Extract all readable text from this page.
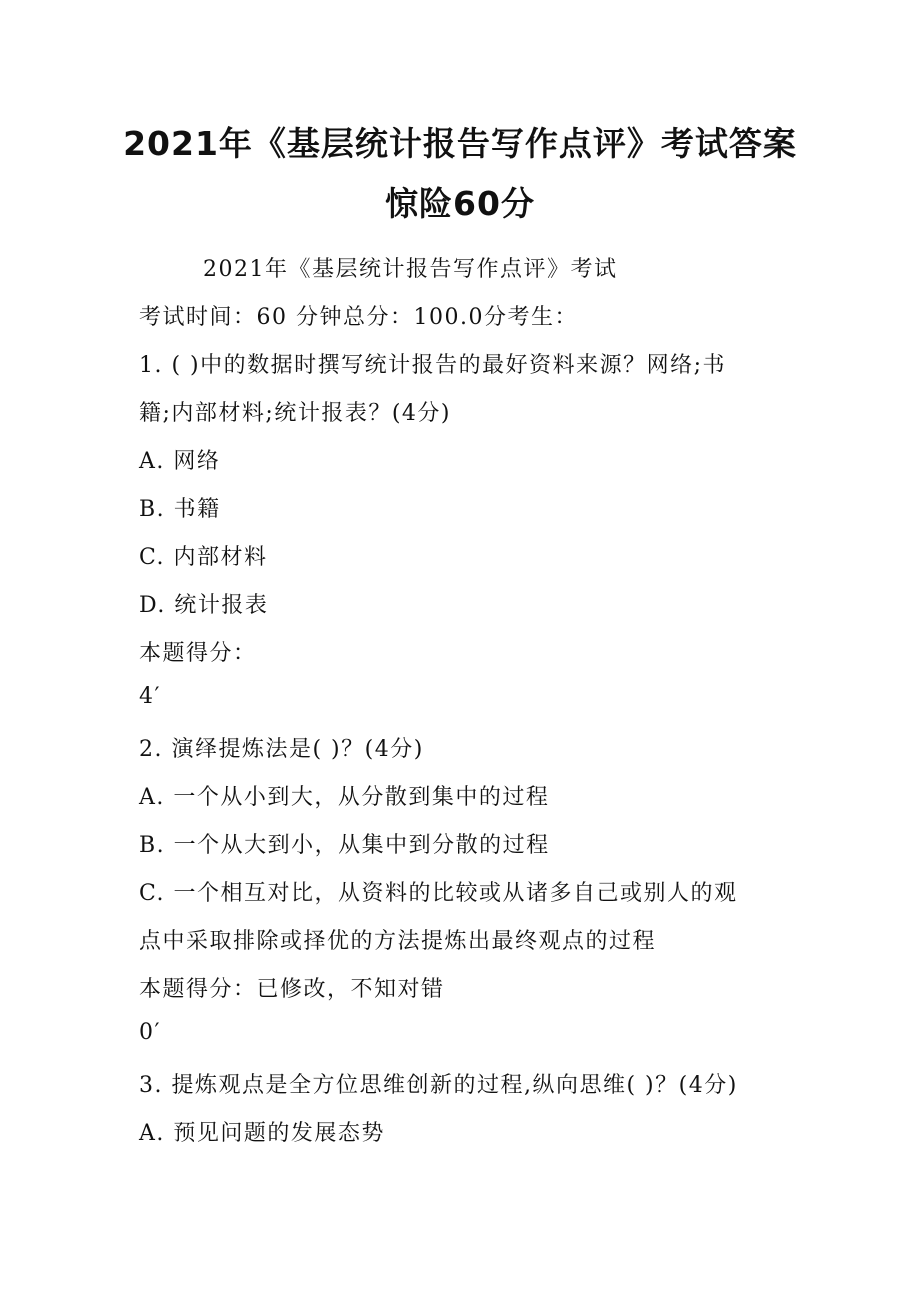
2021年《基层统计报告写作点评》考试答案
惊险60分

2021年《基层统计报告写作点评》考试

考试时间：60 分钟总分：100.0分考生：

1. ( )中的数据时撰写统计报告的最好资料来源？网络;书

籍;内部材料;统计报表？(4分)

A. 网络

B. 书籍

C. 内部材料

D. 统计报表

本题得分：

4′

2. 演绎提炼法是( )？(4分)

A. 一个从小到大，从分散到集中的过程

B. 一个从大到小，从集中到分散的过程

C. 一个相互对比，从资料的比较或从诸多自己或别人的观

点中采取排除或择优的方法提炼出最终观点的过程

本题得分：已修改，不知对错

0′

3. 提炼观点是全方位思维创新的过程,纵向思维( )？(4分)

A. 预见问题的发展态势
